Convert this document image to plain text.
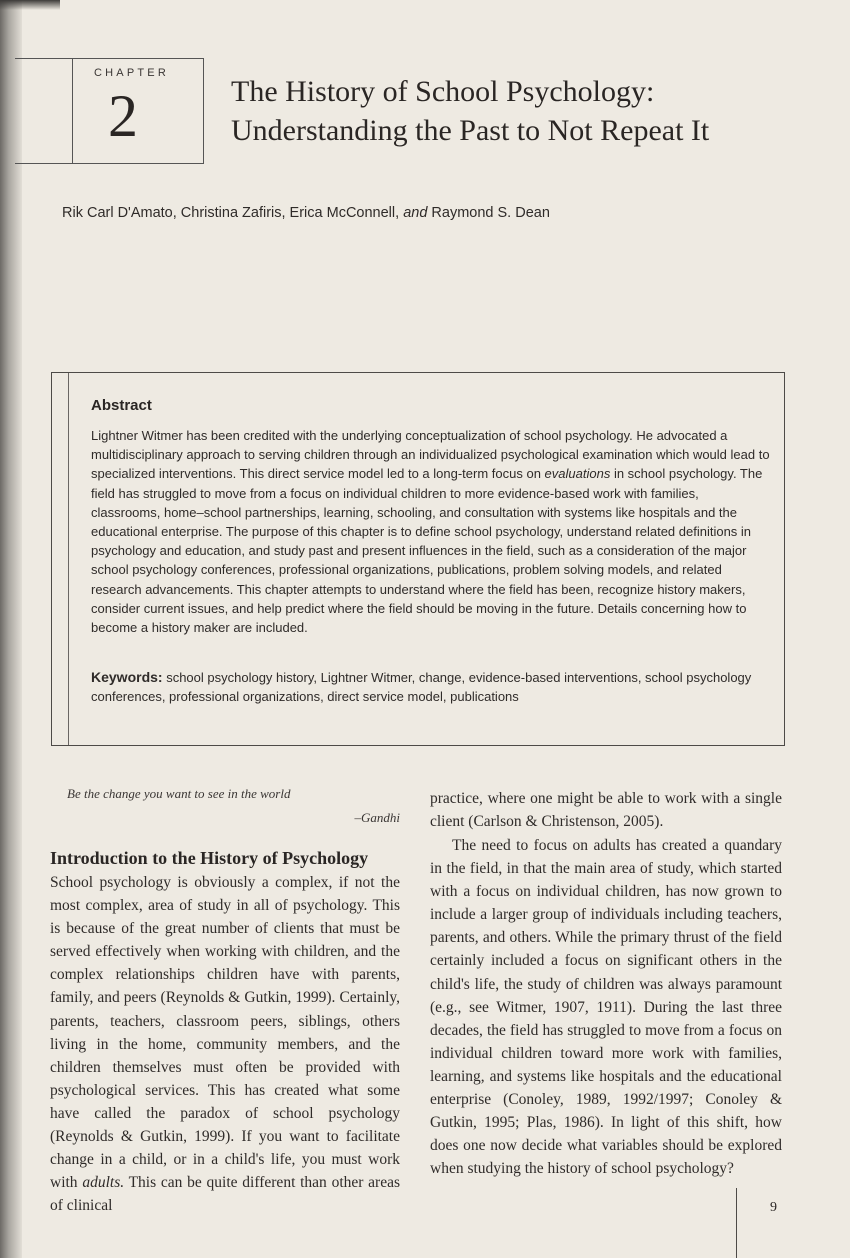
CHAPTER
2	The History of School Psychology:
Understanding the Past to Not Repeat It
Rik Carl D'Amato, Christina Zafiris, Erica McConnell, and Raymond S. Dean
Abstract
Lightner Witmer has been credited with the underlying conceptualization of school psychology. He advocated a multidisciplinary approach to serving children through an individualized psychological examination which would lead to specialized interventions. This direct service model led to a long-term focus on evaluations in school psychology. The field has struggled to move from a focus on individual children to more evidence-based work with families, classrooms, home–school partnerships, learning, schooling, and consultation with systems like hospitals and the educational enterprise. The purpose of this chapter is to define school psychology, understand related definitions in psychology and education, and study past and present influences in the field, such as a consideration of the major school psychology conferences, professional organizations, publications, problem solving models, and related research advancements. This chapter attempts to understand where the field has been, recognize history makers, consider current issues, and help predict where the field should be moving in the future. Details concerning how to become a history maker are included.
Keywords: school psychology history, Lightner Witmer, change, evidence-based interventions, school psychology conferences, professional organizations, direct service model, publications
Be the change you want to see in the world
–Gandhi
Introduction to the History of Psychology
School psychology is obviously a complex, if not the most complex, area of study in all of psychology. This is because of the great number of clients that must be served effectively when working with children, and the complex relationships children have with parents, family, and peers (Reynolds & Gutkin, 1999). Certainly, parents, teachers, classroom peers, siblings, others living in the home, community members, and the children themselves must often be provided with psychological services. This has created what some have called the paradox of school psychology (Reynolds & Gutkin, 1999). If you want to facilitate change in a child, or in a child's life, you must work with adults. This can be quite different than other areas of clinical
practice, where one might be able to work with a single client (Carlson & Christenson, 2005).
The need to focus on adults has created a quandary in the field, in that the main area of study, which started with a focus on individual children, has now grown to include a larger group of individuals including teachers, parents, and others. While the primary thrust of the field certainly included a focus on significant others in the child's life, the study of children was always paramount (e.g., see Witmer, 1907, 1911). During the last three decades, the field has struggled to move from a focus on individual children toward more work with families, learning, and systems like hospitals and the educational enterprise (Conoley, 1989, 1992/1997; Conoley & Gutkin, 1995; Plas, 1986). In light of this shift, how does one now decide what variables should be explored when studying the history of school psychology?
9
